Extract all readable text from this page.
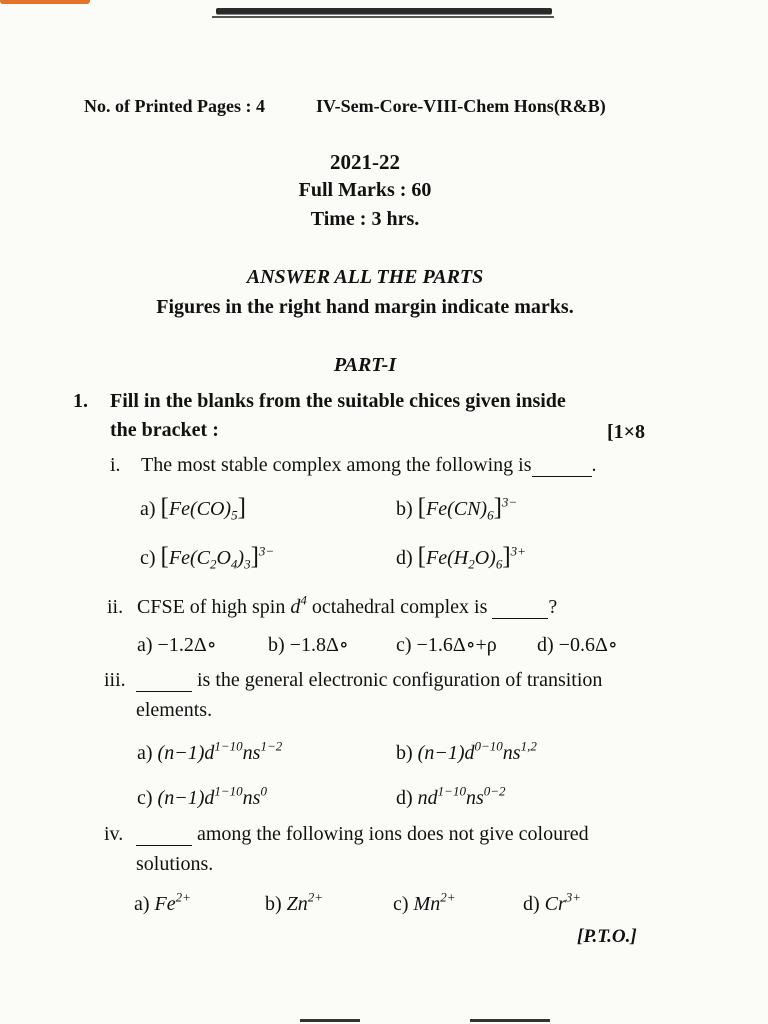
No. of Printed Pages : 4	IV-Sem-Core-VIII-Chem Hons(R&B)
2021-22
Full Marks : 60
Time : 3 hrs.
ANSWER ALL THE PARTS
Figures in the right hand margin indicate marks.
PART-I
1. Fill in the blanks from the suitable chices given inside
the bracket :	[1×8
i. The most stable complex among the following is	.
a) $[Fe(CO)_5]$	b) $[Fe(CN)_6]^{3-}$
c) $[Fe(C_2O_4)_3]^{3-}$	d) $[Fe(H_2O)_6]^{3+}$
ii. CFSE of high spin $d^4$ octahedral complex is	?
a) −1.2Δ∘	b) −1.8Δ∘ c) −1.6Δ∘+ρ d) −0.6Δ∘
iii.	is the general electronic configuration of transition
elements.
a) $(n-1)d^{1-10}ns^{1-2}$	b) $(n-1)d^{0-10}ns^{1,2}$
c) $(n-1)d^{1-10}ns^0$	d) $nd^{1-10}ns^{0-2}$
iv.	among the following ions does not give coloured
solutions.
a) $Fe^{2+}$	b) $Zn^{2+}$	c) $Mn^{2+}$	d) $Cr^{3+}$
[P.T.O.]
